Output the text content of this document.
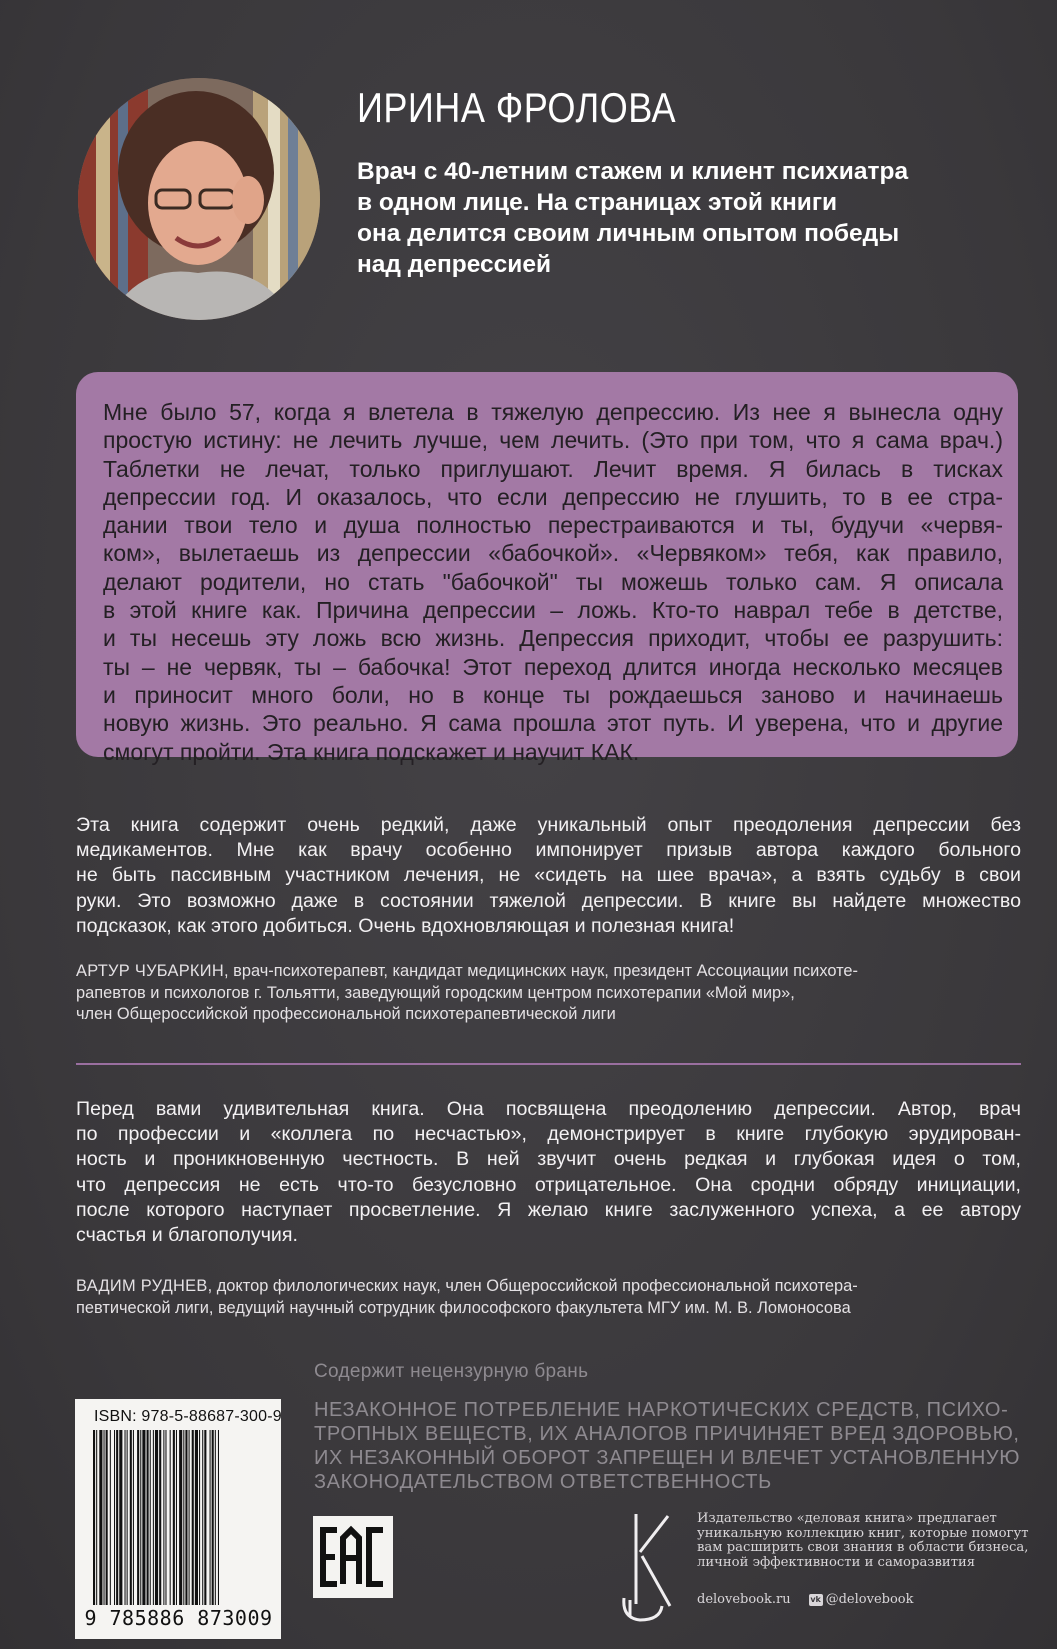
ИРИНА ФРОЛОВА
Врач с 40-летним стажем и клиент психиатра
в одном лице. На страницах этой книги
она делится своим личным опытом победы
над депрессией
Мне было 57, когда я влетела в тяжелую депрессию. Из нее я вынесла одну
простую истину: не лечить лучше, чем лечить. (Это при том, что я сама врач.)
Таблетки не лечат, только приглушают. Лечит время. Я билась в тисках
депрессии год. И оказалось, что если депрессию не глушить, то в ее стра-
дании твои тело и душа полностью перестраиваются и ты, будучи «червя-
ком», вылетаешь из депрессии «бабочкой». «Червяком» тебя, как правило,
делают родители, но стать "бабочкой" ты можешь только сам. Я описала
в этой книге как. Причина депрессии – ложь. Кто-то наврал тебе в детстве,
и ты несешь эту ложь всю жизнь. Депрессия приходит, чтобы ее разрушить:
ты – не червяк, ты – бабочка! Этот переход длится иногда несколько месяцев
и приносит много боли, но в конце ты рождаешься заново и начинаешь
новую жизнь. Это реально. Я сама прошла этот путь. И уверена, что и другие
смогут пройти. Эта книга подскажет и научит КАК.
Эта книга содержит очень редкий, даже уникальный опыт преодоления депрессии без
медикаментов. Мне как врачу особенно импонирует призыв автора каждого больного
не быть пассивным участником лечения, не «сидеть на шее врача», а взять судьбу в свои
руки. Это возможно даже в состоянии тяжелой депрессии. В книге вы найдете множество
подсказок, как этого добиться. Очень вдохновляющая и полезная книга!
АРТУР ЧУБАРКИН, врач-психотерапевт, кандидат медицинских наук, президент Ассоциации психоте-
рапевтов и психологов г. Тольятти, заведующий городским центром психотерапии «Мой мир»,
член Общероссийской профессиональной психотерапевтической лиги
Перед вами удивительная книга. Она посвящена преодолению депрессии. Автор, врач
по профессии и «коллега по несчастью», демонстрирует в книге глубокую эрудирован-
ность и проникновенную честность. В ней звучит очень редкая и глубокая идея о том,
что депрессия не есть что-то безусловно отрицательное. Она сродни обряду инициации,
после которого наступает просветление. Я желаю книге заслуженного успеха, а ее автору
счастья и благополучия.
ВАДИМ РУДНЕВ, доктор филологических наук, член Общероссийской профессиональной психотера-
певтической лиги, ведущий научный сотрудник философского факультета МГУ им. М. В. Ломоносова
Содержит нецензурную брань
НЕЗАКОННОЕ ПОТРЕБЛЕНИЕ НАРКОТИЧЕСКИХ СРЕДСТВ, ПСИХО-
ТРОПНЫХ ВЕЩЕСТВ, ИХ АНАЛОГОВ ПРИЧИНЯЕТ ВРЕД ЗДОРОВЬЮ,
ИХ НЕЗАКОННЫЙ ОБОРОТ ЗАПРЕЩЕН И ВЛЕЧЕТ УСТАНОВЛЕННУЮ
ЗАКОНОДАТЕЛЬСТВОМ ОТВЕТСТВЕННОСТЬ
ISBN: 978-5-88687-300-9
9 785886 873009
Издательство «деловая книга» предлагает
уникальную коллекцию книг, которые помогут
вам расширить свои знания в области бизнеса,
личной эффективности и саморазвития
delovebook.ru vk @delovebook
